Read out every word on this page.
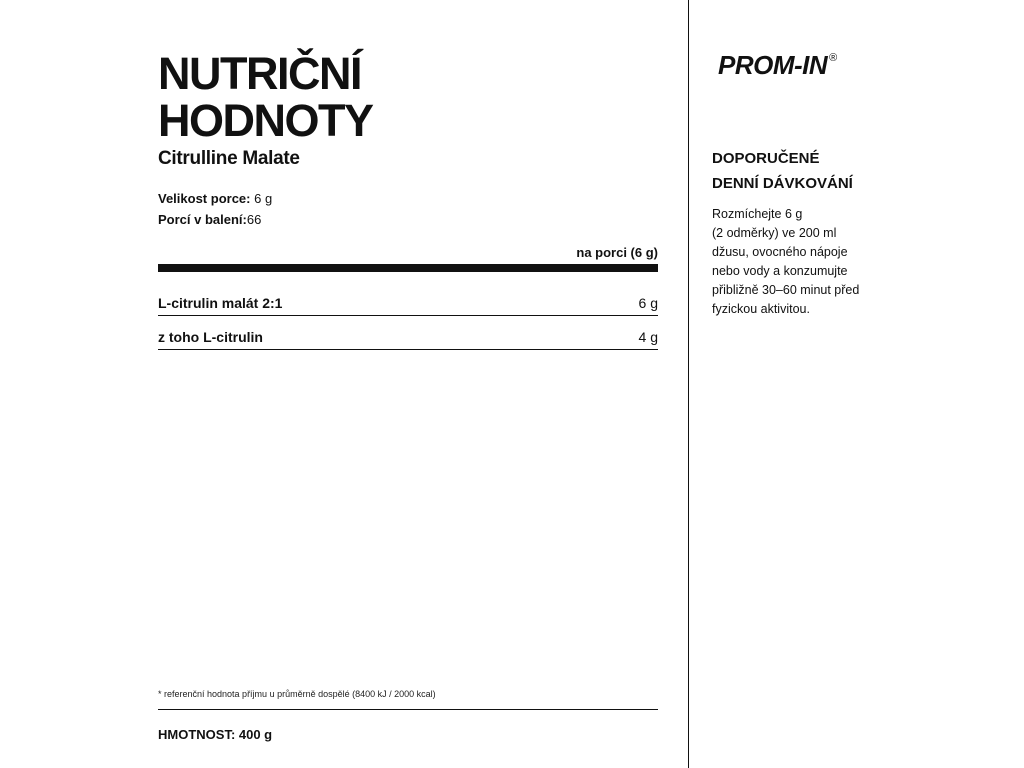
NUTRIČNÍ
HODNOTY
Citrulline Malate
Velikost porce: 6 g
Porcí v balení:66
na porci (6 g)
L-citrulin malát 2:1	6 g
z toho L-citrulin	4 g
* referenční hodnota příjmu u průměrně dospělé (8400 kJ / 2000 kcal)
HMOTNOST: 400 g
PROM-IN ®
DOPORUČENÉ
DENNÍ DÁVKOVÁNÍ
Rozmíchejte 6 g
(2 odměrky) ve 200 ml
džusu, ovocného nápoje
nebo vody a konzumujte
přibližně 30–60 minut před
fyzickou aktivitou.
